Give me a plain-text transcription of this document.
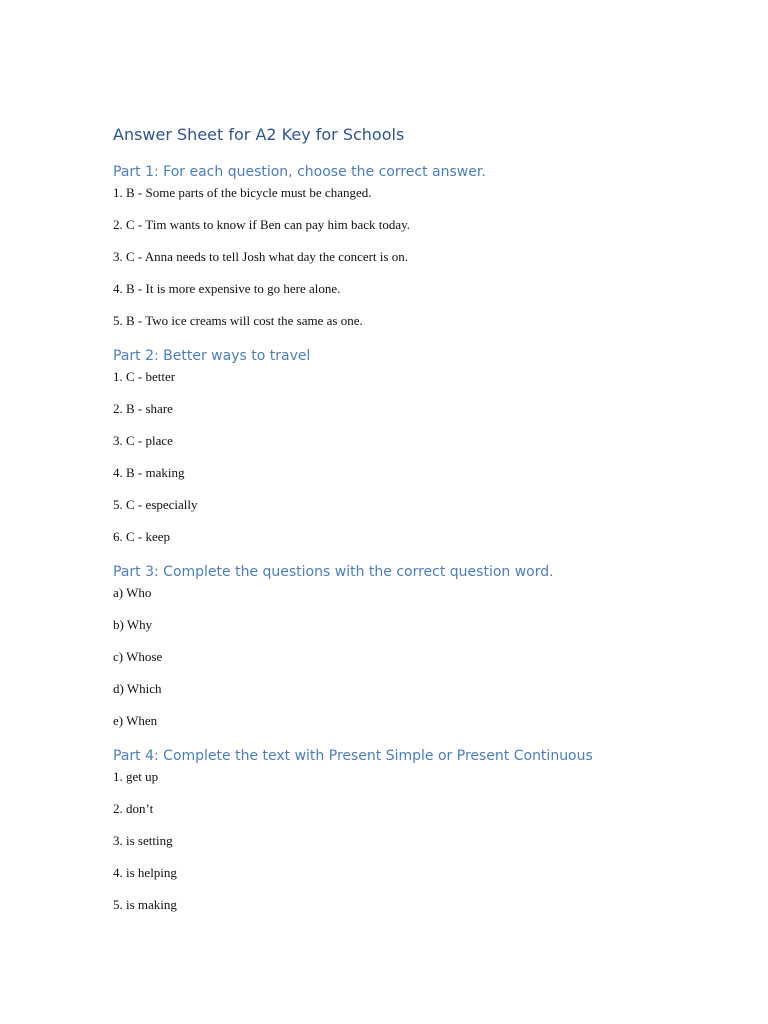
Answer Sheet for A2 Key for Schools
Part 1: For each question, choose the correct answer.
1. B - Some parts of the bicycle must be changed.
2. C - Tim wants to know if Ben can pay him back today.
3. C - Anna needs to tell Josh what day the concert is on.
4. B - It is more expensive to go here alone.
5. B - Two ice creams will cost the same as one.
Part 2: Better ways to travel
1. C - better
2. B - share
3. C - place
4. B - making
5. C - especially
6. C - keep
Part 3: Complete the questions with the correct question word.
a) Who
b) Why
c) Whose
d) Which
e) When
Part 4: Complete the text with Present Simple or Present Continuous
1. get up
2. don’t
3. is setting
4. is helping
5. is making
